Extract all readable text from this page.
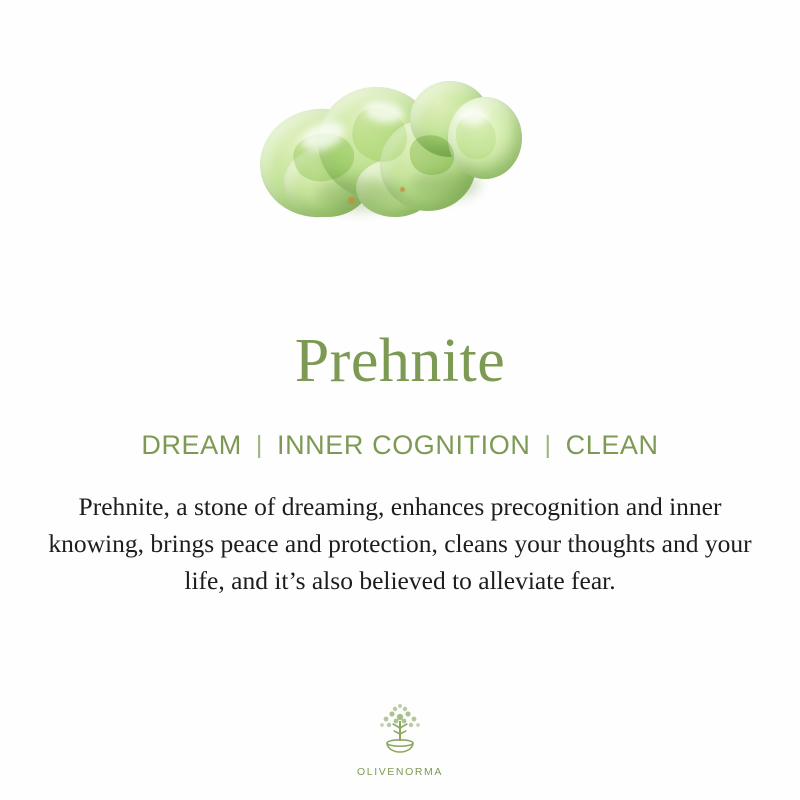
Prehnite
DREAM | INNER COGNITION | CLEAN

Prehnite, a stone of dreaming, enhances precognition and inner knowing, brings peace and protection, cleans your thoughts and your life, and it’s also believed to alleviate fear.

OLIVENORMA
